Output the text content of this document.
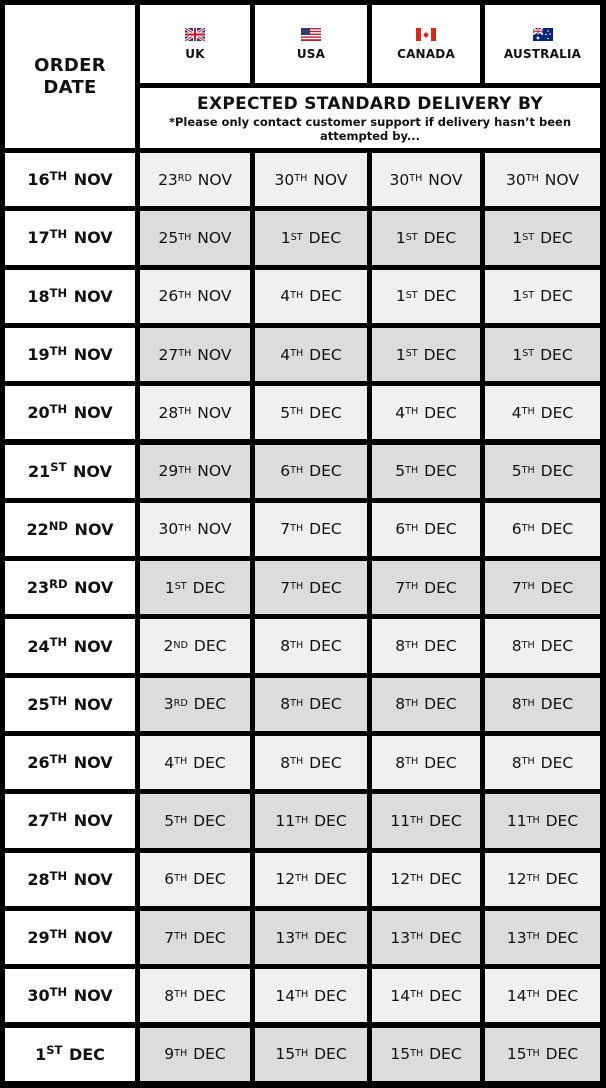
ORDER
DATE
UK	USA	CANADA	AUSTRALIA
EXPECTED STANDARD DELIVERY BY
*Please only contact customer support if delivery hasn’t been attempted by...
16TH NOV	23RD NOV	30TH NOV	30TH NOV	30TH NOV
17TH NOV	25TH NOV	1ST DEC	1ST DEC	1ST DEC
18TH NOV	26TH NOV	4TH DEC	1ST DEC	1ST DEC
19TH NOV	27TH NOV	4TH DEC	1ST DEC	1ST DEC
20TH NOV	28TH NOV	5TH DEC	4TH DEC	4TH DEC
21ST NOV	29TH NOV	6TH DEC	5TH DEC	5TH DEC
22ND NOV	30TH NOV	7TH DEC	6TH DEC	6TH DEC
23RD NOV	1ST DEC	7TH DEC	7TH DEC	7TH DEC
24TH NOV	2ND DEC	8TH DEC	8TH DEC	8TH DEC
25TH NOV	3RD DEC	8TH DEC	8TH DEC	8TH DEC
26TH NOV	4TH DEC	8TH DEC	8TH DEC	8TH DEC
27TH NOV	5TH DEC	11TH DEC	11TH DEC	11TH DEC
28TH NOV	6TH DEC	12TH DEC	12TH DEC	12TH DEC
29TH NOV	7TH DEC	13TH DEC	13TH DEC	13TH DEC
30TH NOV	8TH DEC	14TH DEC	14TH DEC	14TH DEC
1ST DEC	9TH DEC	15TH DEC	15TH DEC	15TH DEC
